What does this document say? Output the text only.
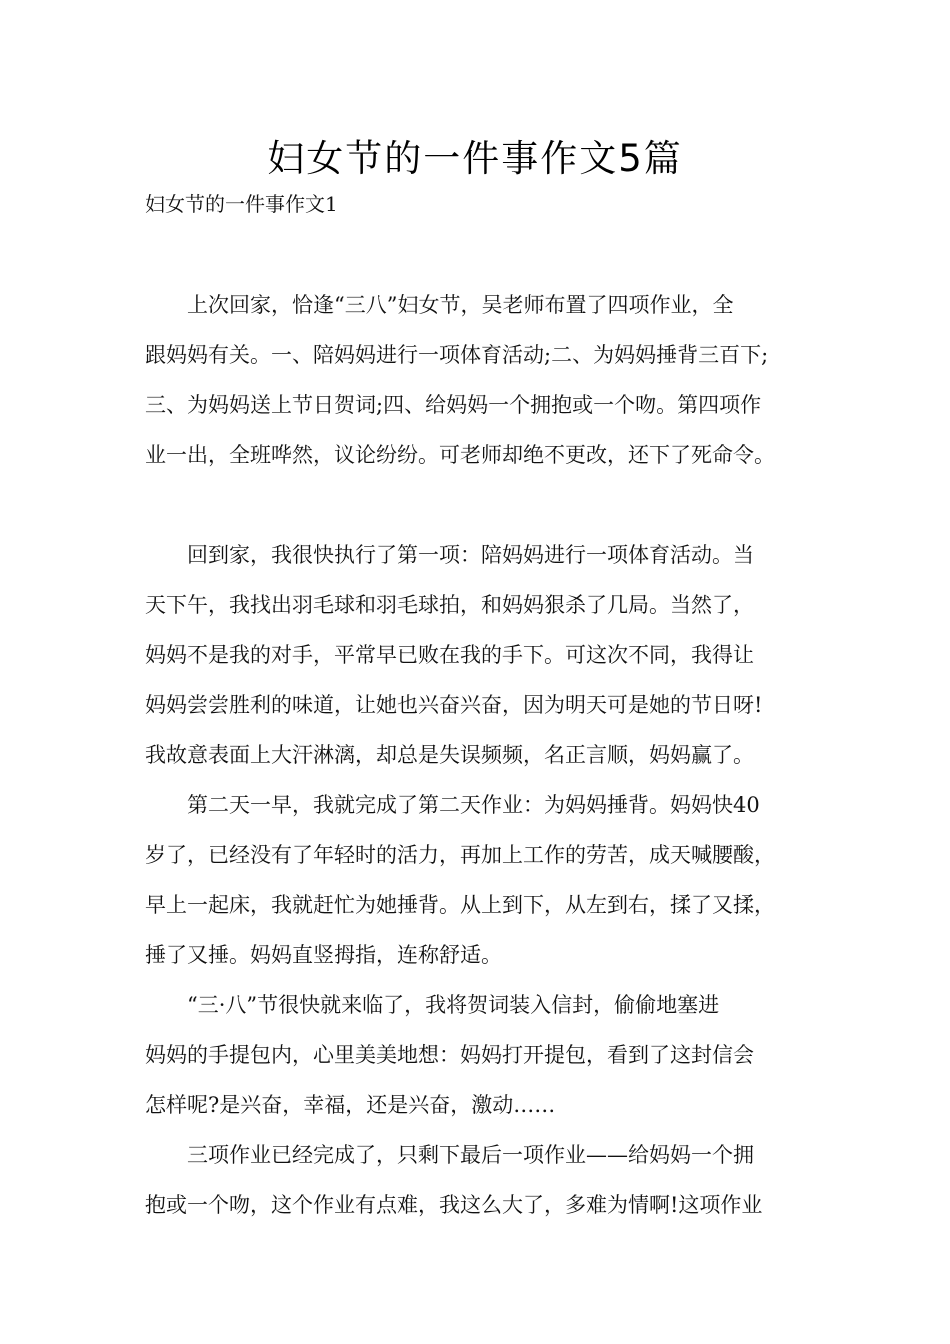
妇女节的一件事作文5篇
妇女节的一件事作文1
　　上次回家，恰逢“三八”妇女节，吴老师布置了四项作业，全
跟妈妈有关。一、陪妈妈进行一项体育活动;二、为妈妈捶背三百下;
三、为妈妈送上节日贺词;四、给妈妈一个拥抱或一个吻。第四项作
业一出，全班哗然，议论纷纷。可老师却绝不更改，还下了死命令。
　　回到家，我很快执行了第一项：陪妈妈进行一项体育活动。当
天下午，我找出羽毛球和羽毛球拍，和妈妈狠杀了几局。当然了，
妈妈不是我的对手，平常早已败在我的手下。可这次不同，我得让
妈妈尝尝胜利的味道，让她也兴奋兴奋，因为明天可是她的节日呀!
我故意表面上大汗淋漓，却总是失误频频，名正言顺，妈妈赢了。
　　第二天一早，我就完成了第二天作业：为妈妈捶背。妈妈快40
岁了，已经没有了年轻时的活力，再加上工作的劳苦，成天喊腰酸，
早上一起床，我就赶忙为她捶背。从上到下，从左到右，揉了又揉，
捶了又捶。妈妈直竖拇指，连称舒适。
　　“三·八”节很快就来临了，我将贺词装入信封，偷偷地塞进
妈妈的手提包内，心里美美地想：妈妈打开提包，看到了这封信会
怎样呢?是兴奋，幸福，还是兴奋，激动……
　　三项作业已经完成了，只剩下最后一项作业——给妈妈一个拥
抱或一个吻，这个作业有点难，我这么大了，多难为情啊!这项作业
